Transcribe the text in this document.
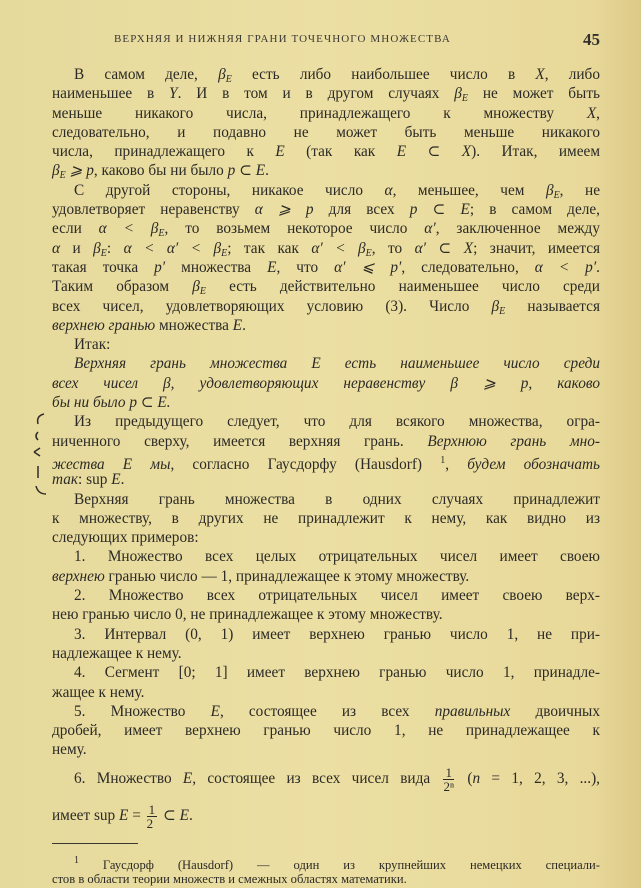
ВЕРХНЯЯ И НИЖНЯЯ ГРАНИ ТОЧЕЧНОГО МНОЖЕСТВА	45
В самом деле, $\beta_E$ есть либо наибольшее число в X, либо
наименьшее в Y. И в том и в другом случаях $\beta_E$ не может быть
меньше никакого числа, принадлежащего к множеству X,
следовательно, и подавно не может быть меньше никакого
числа, принадлежащего к E (так как E ⊂ X). Итак, имеем
$\beta_E$ ⩾ p, каково бы ни было p ⊂ E.
С другой стороны, никакое число α, меньшее, чем $\beta_E$, не
удовлетворяет неравенству α ⩾ p для всех p ⊂ E; в самом деле,
если $\alpha < \beta_E$, то возьмем некоторое число α′, заключенное между
α и $\beta_E$: $\alpha < \alpha' < \beta_E$; так как $\alpha' < \beta_E$, то α′ ⊂ X; значит, имеется
такая точка p′ множества E, что α′ ⩽ p′, следовательно, α < p′.
Таким образом $\beta_E$ есть действительно наименьшее число среди
всех чисел, удовлетворяющих условию (3). Число $\beta_E$ называется
верхнею гранью множества E.
Итак:
Верхняя грань множества E есть наименьшее число среди
всех чисел β, удовлетворяющих неравенству β ⩾ p, каково
бы ни было p ⊂ E.
Из предыдущего следует, что для всякого множества, огра-
ниченного сверху, имеется верхняя грань. Верхнюю грань мно-
жества E мы, согласно Гаусдорфу (Hausdorf) $^1$, будем обозначать
так: sup E.
Верхняя грань множества в одних случаях принадлежит
к множеству, в других не принадлежит к нему, как видно из
следующих примеров:
1. Множество всех целых отрицательных чисел имеет своею
верхнею гранью число — 1, принадлежащее к этому множеству.
2. Множество всех отрицательных чисел имеет своею верх-
нею гранью число 0, не принадлежащее к этому множеству.
3. Интервал (0, 1) имеет верхнею гранью число 1, не при-
надлежащее к нему.
4. Сегмент [0; 1] имеет верхнею гранью число 1, принадле-
жащее к нему.
5. Множество E, состоящее из всех правильных двоичных
дробей, имеет верхнею гранью число 1, не принадлежащее к
нему.
6. Множество E, состоящее из всех чисел вида $\frac{1}{\text{2ⁿ}} (n = 1$, 2, 3, ...),
имеет sup $E = \frac{1}{2}$ ⊂ E.
$^1$ Гаусдорф (Hausdorf) — один из крупнейших немецких специали-
стов в области теории множеств и смежных областях математики.
